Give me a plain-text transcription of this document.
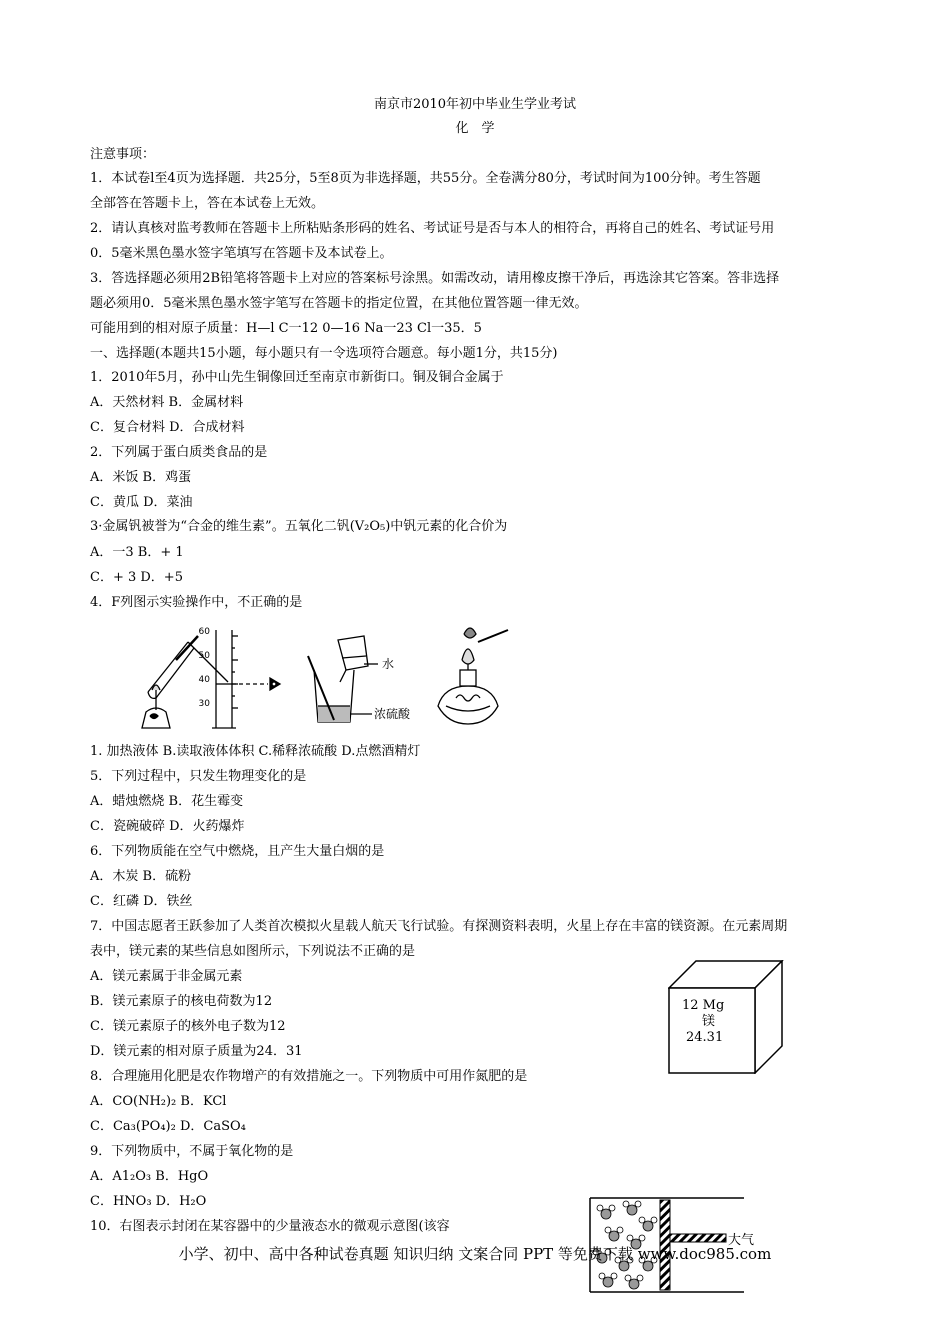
南京市2010年初中毕业生学业考试
化　学
注意事项：
1．本试卷l至4页为选择题．共25分，5至8页为非选择题，共55分。全卷满分80分，考试时间为100分钟。考生答题
全部答在答题卡上，答在本试卷上无效。
2．请认真核对监考教师在答题卡上所粘贴条形码的姓名、考试证号是否与本人的相符合，再将自己的姓名、考试证号用
0．5毫米黑色墨水签字笔填写在答题卡及本试卷上。
3．答选择题必须用2B铅笔将答题卡上对应的答案标号涂黑。如需改动，请用橡皮擦干净后，再选涂其它答案。答非选择
题必须用0．5毫米黑色墨水签字笔写在答题卡的指定位置，在其他位置答题一律无效。
可能用到的相对原子质量：H—l C一12 0—16 Na一23 Cl一35．5
一、选择题(本题共15小题，每小题只有一令选项符合题意。每小题1分，共15分)
1．2010年5月，孙中山先生铜像回迁至南京市新街口。铜及铜合金属于
A．天然材料 B．金属材料
C．复合材料 D．合成材料
2．下列属于蛋白质类食品的是
A．米饭 B．鸡蛋
C．黄瓜 D．菜油
3·金属钒被誉为“合金的维生素”。五氧化二钒(V₂O₅)中钒元素的化合价为
A．一3 B．+ 1
C．+ 3 D．+5
4．F列图示实验操作中，不正确的是
60
50
40
30
水
浓硫酸
1. 加热液体 B.读取液体体积 C.稀释浓硫酸 D.点燃酒精灯
5．下列过程中，只发生物理变化的是
A．蜡烛燃烧 B．花生霉变
C．瓷碗破碎 D．火药爆炸
6．下列物质能在空气中燃烧，且产生大量白烟的是
A．木炭 B．硫粉
C．红磷 D．铁丝
7．中国志愿者王跃参加了人类首次模拟火星载人航天飞行试验。有探测资料表明，火星上存在丰富的镁资源。在元素周期
表中，镁元素的某些信息如图所示，下列说法不正确的是
A．镁元素属于非金属元素
B．镁元素原子的核电荷数为12
C．镁元素原子的核外电子数为12
D．镁元素的相对原子质量为24．31
8．合理施用化肥是农作物增产的有效措施之一。下列物质中可用作氮肥的是
A．CO(NH₂)₂ B．KCl
C．Ca₃(PO₄)₂ D．CaSO₄
9．下列物质中，不属于氧化物的是
A．A1₂O₃ B．HgO
C．HNO₃ D．H₂O
10．右图表示封闭在某容器中的少量液态水的微观示意图(该容
12 Mg
镁
24.31
大气
小学、初中、高中各种试卷真题 知识归纳 文案合同 PPT 等免费下载 www.doc985.com
